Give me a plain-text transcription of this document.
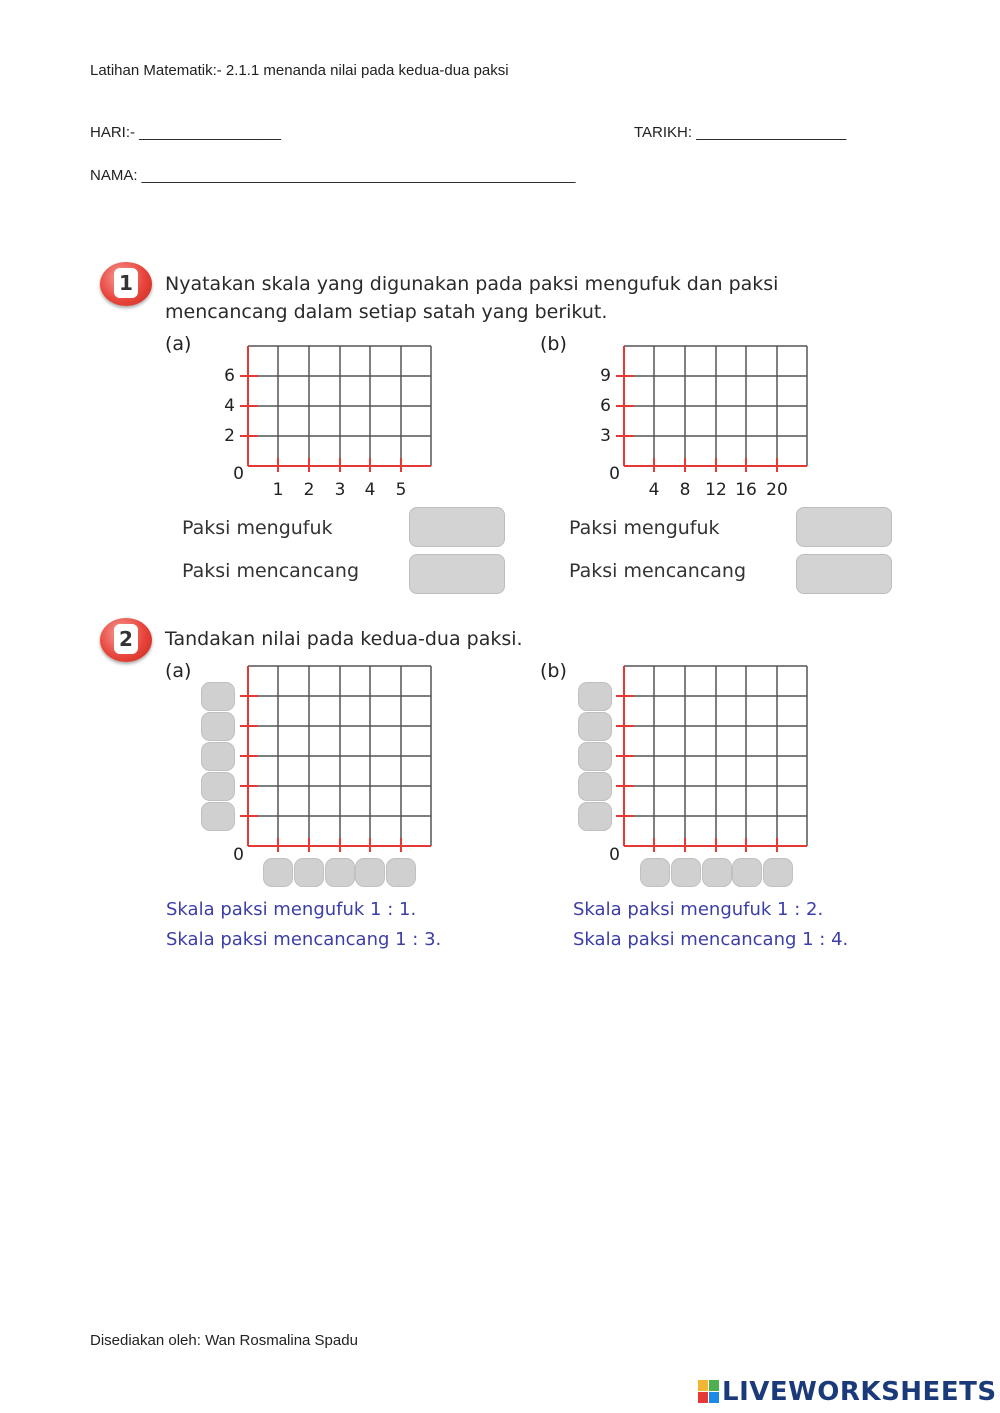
Latihan Matematik:- 2.1.1 menanda nilai pada kedua-dua paksi
HARI:- _________________	TARIKH: __________________
NAMA: ____________________________________________________
1 Nyatakan skala yang digunakan pada paksi mengufuk dan paksi
mencancang dalam setiap satah yang berikut.
(a)	(b)
6
4
2
0
1	2	3	4	5
9
6
3
0
4	8 12 16 20
Paksi mengufuk
Paksi mencancang
Paksi mengufuk
Paksi mencancang
2 Tandakan nilai pada kedua-dua paksi.
(a)	(b)
0	0
Skala paksi mengufuk 1 : 1.
Skala paksi mencancang 1 : 3.
Skala paksi mengufuk 1 : 2.
Skala paksi mencancang 1 : 4.
Disediakan oleh: Wan Rosmalina Spadu
LIVEWORKSHEETS
